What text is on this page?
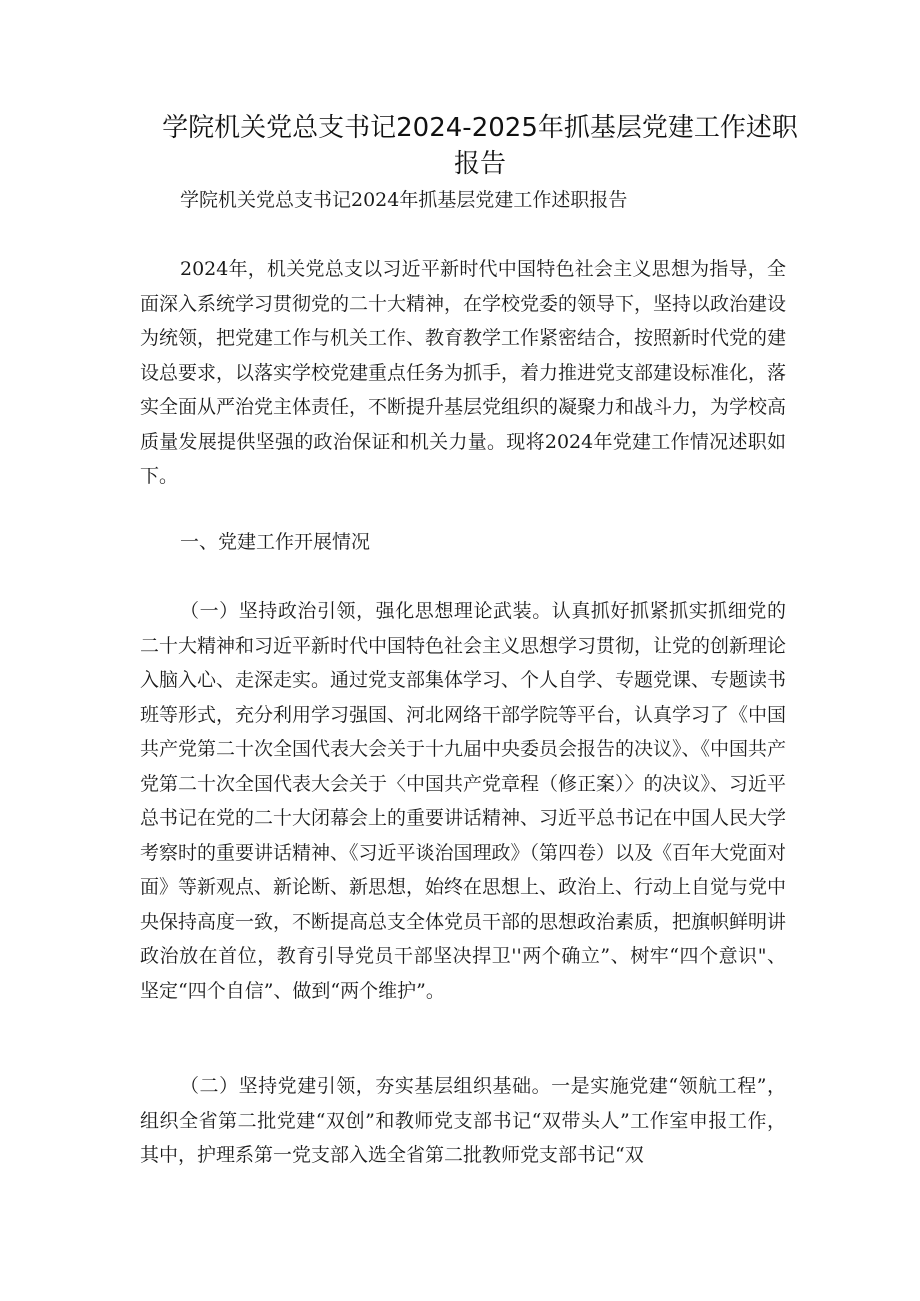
学院机关党总支书记2024-2025年抓基层党建工作述职报告
学院机关党总支书记2024年抓基层党建工作述职报告

2024年，机关党总支以习近平新时代中国特色社会主义思想为指导，全面深入系统学习贯彻党的二十大精神，在学校党委的领导下，坚持以政治建设为统领，把党建工作与机关工作、教育教学工作紧密结合，按照新时代党的建设总要求，以落实学校党建重点任务为抓手，着力推进党支部建设标准化，落实全面从严治党主体责任，不断提升基层党组织的凝聚力和战斗力，为学校高质量发展提供坚强的政治保证和机关力量。现将2024年党建工作情况述职如下。

一、党建工作开展情况

（一）坚持政治引领，强化思想理论武装。认真抓好抓紧抓实抓细党的二十大精神和习近平新时代中国特色社会主义思想学习贯彻，让党的创新理论入脑入心、走深走实。通过党支部集体学习、个人自学、专题党课、专题读书班等形式，充分利用学习强国、河北网络干部学院等平台，认真学习了《中国共产党第二十次全国代表大会关于十九届中央委员会报告的决议》、《中国共产党第二十次全国代表大会关于〈中国共产党章程（修正案）〉的决议》、习近平总书记在党的二十大闭幕会上的重要讲话精神、习近平总书记在中国人民大学考察时的重要讲话精神、《习近平谈治国理政》（第四卷）以及《百年大党面对面》等新观点、新论断、新思想，始终在思想上、政治上、行动上自觉与党中央保持高度一致，不断提高总支全体党员干部的思想政治素质，把旗帜鲜明讲政治放在首位，教育引导党员干部坚决捍卫''两个确立”、树牢“四个意识"、坚定“四个自信”、做到“两个维护”。

（二）坚持党建引领，夯实基层组织基础。一是实施党建“领航工程”，组织全省第二批党建“双创”和教师党支部书记“双带头人”工作室申报工作，其中，护理系第一党支部入选全省第二批教师党支部书记“双
